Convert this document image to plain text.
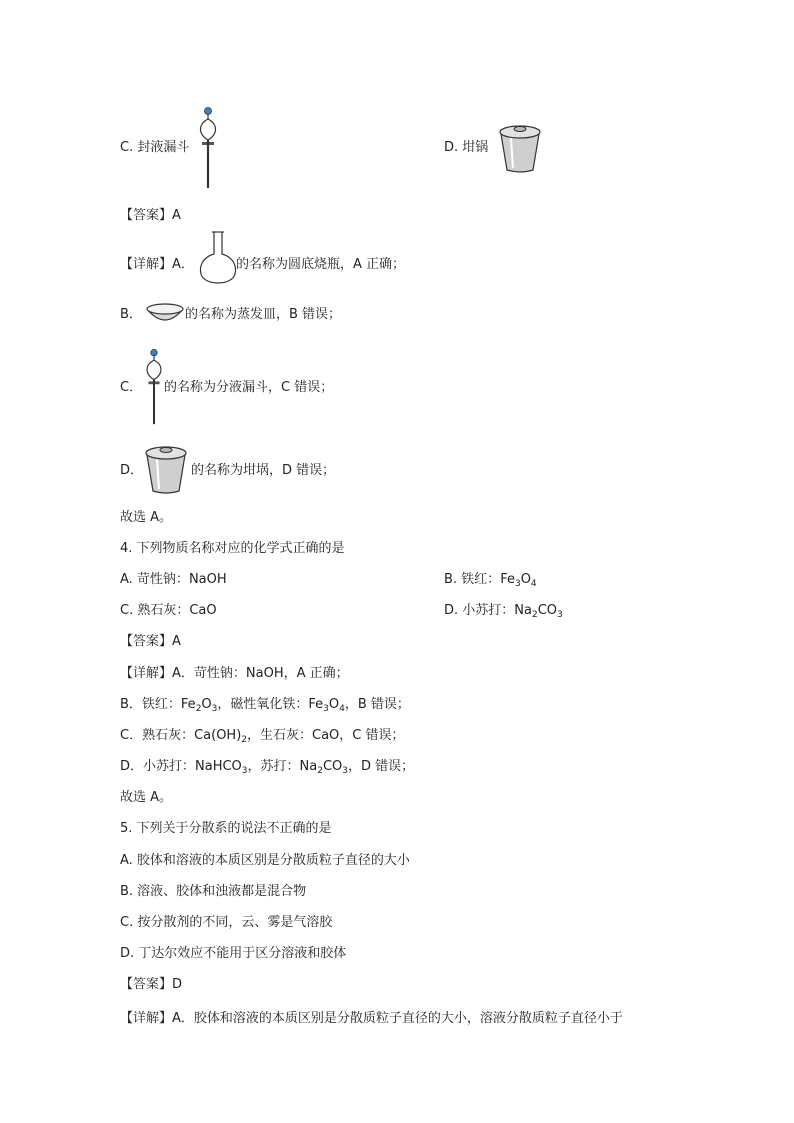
C. 封液漏斗	D. 坩锅
【答案】A
【详解】A．	的名称为圆底烧瓶，A 正确；
B．	的名称为蒸发皿，B 错误；
C． 的名称为分液漏斗，C 错误；
D．	的名称为坩埚，D 错误；
故选 A。
4. 下列物质名称对应的化学式正确的是
A. 苛性钠：NaOH	B. 铁红：$Fe_3O_4$
C. 熟石灰：CaO	D. 小苏打：$Na_2CO_3$
【答案】A
【详解】A．苛性钠：NaOH，A 正确；
B．铁红：$Fe_2O_3$，磁性氧化铁：$Fe_3O_4$，B 错误；
C．熟石灰：$Ca(OH)_2$，生石灰：CaO，C 错误；
D．小苏打：NaHCO$_3$，苏打：$Na_2CO_3$，D 错误；
故选 A。
5. 下列关于分散系的说法不正确的是
A. 胶体和溶液的本质区别是分散质粒子直径的大小
B. 溶液、胶体和浊液都是混合物
C. 按分散剂的不同，云、雾是气溶胶
D. 丁达尔效应不能用于区分溶液和胶体
【答案】D
【详解】A．胶体和溶液的本质区别是分散质粒子直径的大小，溶液分散质粒子直径小于
